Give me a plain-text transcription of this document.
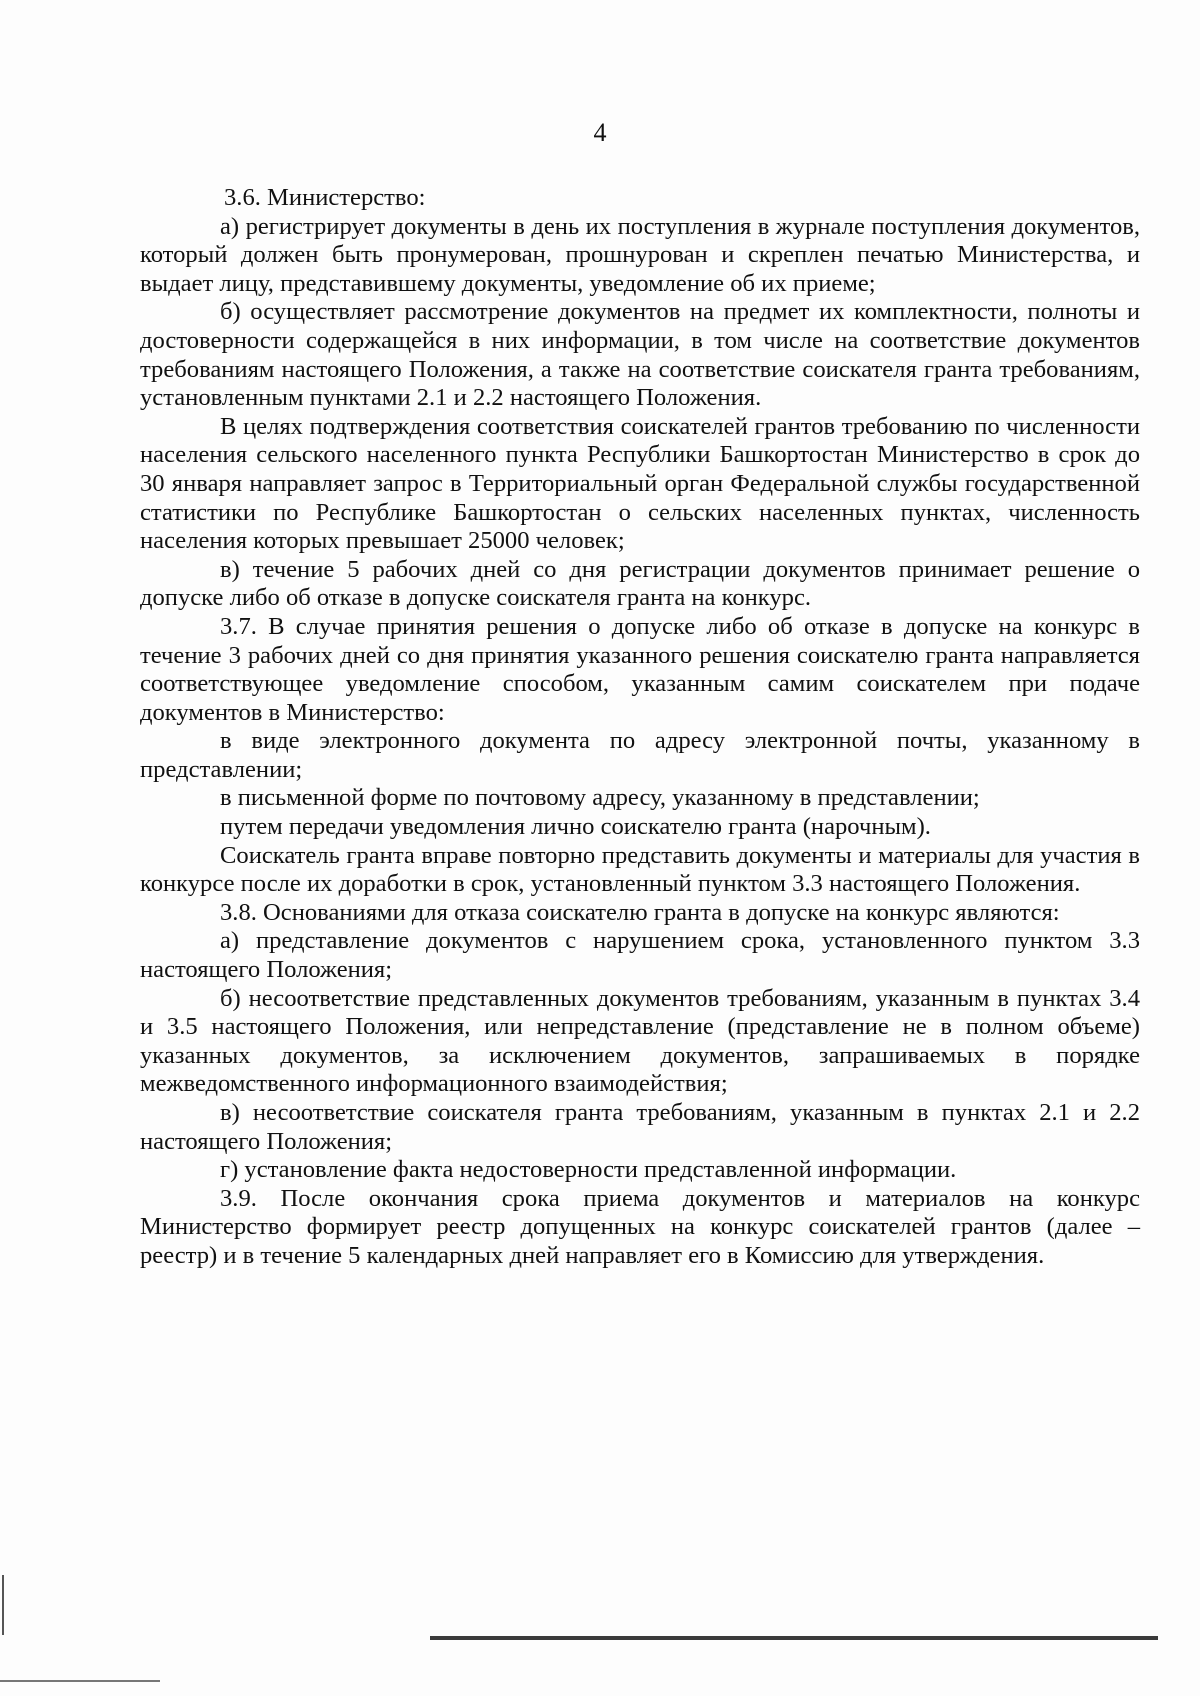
4

3.6. Министерство:

а) регистрирует документы в день их поступления в журнале поступления документов, который должен быть пронумерован, прошнурован и скреплен печатью Министерства, и выдает лицу, представившему документы, уведомление об их приеме;

б) осуществляет рассмотрение документов на предмет их комплектности, полноты и достоверности содержащейся в них информации, в том числе на соответствие документов требованиям настоящего Положения, а также на соответствие соискателя гранта требованиям, установленным пунктами 2.1 и 2.2 настоящего Положения.

В целях подтверждения соответствия соискателей грантов требованию по численности населения сельского населенного пункта Республики Башкортостан Министерство в срок до 30 января направляет запрос в Территориальный орган Федеральной службы государственной статистики по Республике Башкортостан о сельских населенных пунктах, численность населения которых превышает 25000 человек;

в) течение 5 рабочих дней со дня регистрации документов принимает решение о допуске либо об отказе в допуске соискателя гранта на конкурс.

3.7. В случае принятия решения о допуске либо об отказе в допуске на конкурс в течение 3 рабочих дней со дня принятия указанного решения соискателю гранта направляется соответствующее уведомление способом, указанным самим соискателем при подаче документов в Министерство:

в виде электронного документа по адресу электронной почты, указанному в представлении;

в письменной форме по почтовому адресу, указанному в представлении;

путем передачи уведомления лично соискателю гранта (нарочным).

Соискатель гранта вправе повторно представить документы и материалы для участия в конкурсе после их доработки в срок, установленный пунктом 3.3 настоящего Положения.

3.8. Основаниями для отказа соискателю гранта в допуске на конкурс являются:

а) представление документов с нарушением срока, установленного пунктом 3.3 настоящего Положения;

б) несоответствие представленных документов требованиям, указанным в пунктах 3.4 и 3.5 настоящего Положения, или непредставление (представление не в полном объеме) указанных документов, за исключением документов, запрашиваемых в порядке межведомственного информационного взаимодействия;

в) несоответствие соискателя гранта требованиям, указанным в пунктах 2.1 и 2.2 настоящего Положения;

г) установление факта недостоверности представленной информации.

3.9. После окончания срока приема документов и материалов на конкурс Министерство формирует реестр допущенных на конкурс соискателей грантов (далее – реестр) и в течение 5 календарных дней направляет его в Комиссию для утверждения.
